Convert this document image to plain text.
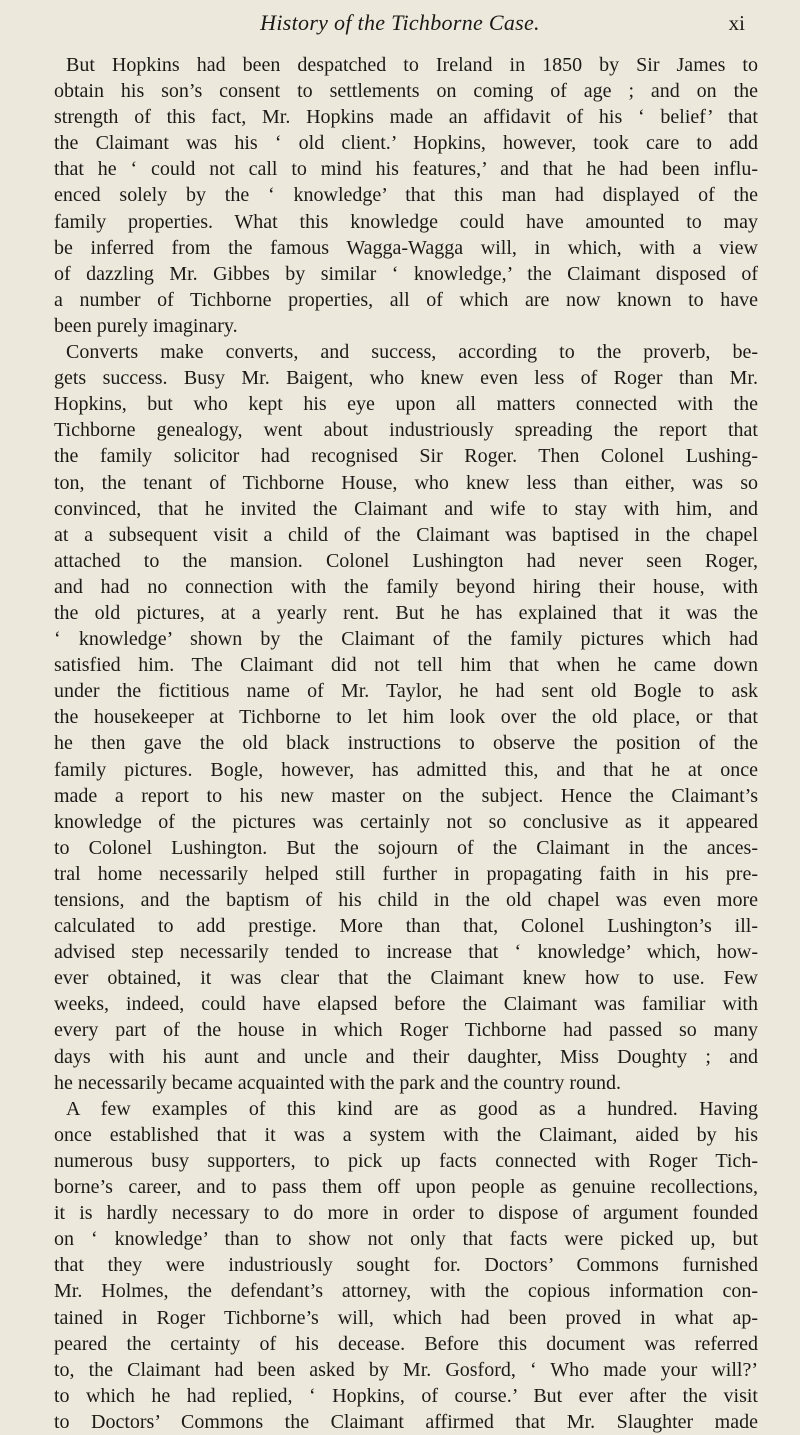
History of the Tichborne Case.	xi
But Hopkins had been despatched to Ireland in 1850 by Sir James to
obtain his son’s consent to settlements on coming of age ; and on the
strength of this fact, Mr. Hopkins made an affidavit of his ‘ belief’ that
the Claimant was his ‘ old client.’ Hopkins, however, took care to add
that he ‘ could not call to mind his features,’ and that he had been influ-
enced solely by the ‘ knowledge’ that this man had displayed of the
family properties. What this knowledge could have amounted to may
be inferred from the famous Wagga-Wagga will, in which, with a view
of dazzling Mr. Gibbes by similar ‘ knowledge,’ the Claimant disposed of
a number of Tichborne properties, all of which are now known to have
been purely imaginary.
Converts make converts, and success, according to the proverb, be-
gets success. Busy Mr. Baigent, who knew even less of Roger than Mr.
Hopkins, but who kept his eye upon all matters connected with the
Tichborne genealogy, went about industriously spreading the report that
the family solicitor had recognised Sir Roger. Then Colonel Lushing-
ton, the tenant of Tichborne House, who knew less than either, was so
convinced, that he invited the Claimant and wife to stay with him, and
at a subsequent visit a child of the Claimant was baptised in the chapel
attached to the mansion. Colonel Lushington had never seen Roger,
and had no connection with the family beyond hiring their house, with
the old pictures, at a yearly rent. But he has explained that it was the
‘ knowledge’ shown by the Claimant of the family pictures which had
satisfied him. The Claimant did not tell him that when he came down
under the fictitious name of Mr. Taylor, he had sent old Bogle to ask
the housekeeper at Tichborne to let him look over the old place, or that
he then gave the old black instructions to observe the position of the
family pictures. Bogle, however, has admitted this, and that he at once
made a report to his new master on the subject. Hence the Claimant’s
knowledge of the pictures was certainly not so conclusive as it appeared
to Colonel Lushington. But the sojourn of the Claimant in the ances-
tral home necessarily helped still further in propagating faith in his pre-
tensions, and the baptism of his child in the old chapel was even more
calculated to add prestige. More than that, Colonel Lushington’s ill-
advised step necessarily tended to increase that ‘ knowledge’ which, how-
ever obtained, it was clear that the Claimant knew how to use. Few
weeks, indeed, could have elapsed before the Claimant was familiar with
every part of the house in which Roger Tichborne had passed so many
days with his aunt and uncle and their daughter, Miss Doughty ; and
he necessarily became acquainted with the park and the country round.
A few examples of this kind are as good as a hundred. Having
once established that it was a system with the Claimant, aided by his
numerous busy supporters, to pick up facts connected with Roger Tich-
borne’s career, and to pass them off upon people as genuine recollections,
it is hardly necessary to do more in order to dispose of argument founded
on ‘ knowledge’ than to show not only that facts were picked up, but
that they were industriously sought for. Doctors’ Commons furnished
Mr. Holmes, the defendant’s attorney, with the copious information con-
tained in Roger Tichborne’s will, which had been proved in what ap-
peared the certainty of his decease. Before this document was referred
to, the Claimant had been asked by Mr. Gosford, ‘ Who made your will?’
to which he had replied, ‘ Hopkins, of course.’ But ever after the visit
to Doctors’ Commons the Claimant affirmed that Mr. Slaughter made
